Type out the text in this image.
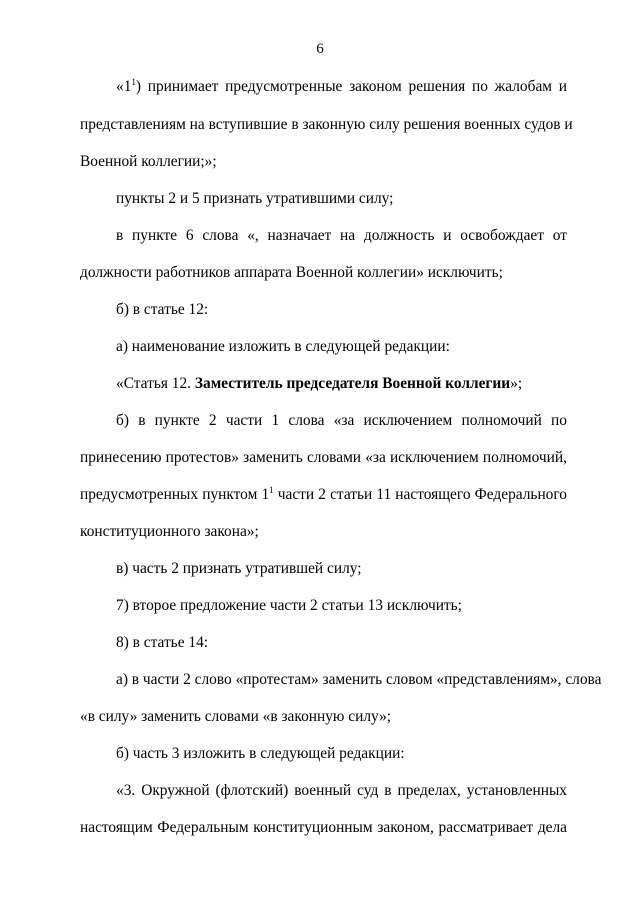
6
«$1^1$) принимает предусмотренные законом решения по жалобам и
представлениям на вступившие в законную силу решения военных судов и
Военной коллегии;»;
пункты 2 и 5 признать утратившими силу;
в пункте 6 слова «, назначает на должность и освобождает от
должности работников аппарата Военной коллегии» исключить;
б) в статье 12:
а) наименование изложить в следующей редакции:
«Статья 12. Заместитель председателя Военной коллегии»;
б) в пункте 2 части 1 слова «за исключением полномочий по
принесению протестов» заменить словами «за исключением полномочий,
предусмотренных пунктом $1^1$ части 2 статьи 11 настоящего Федерального
конституционного закона»;
в) часть 2 признать утратившей силу;
7) второе предложение части 2 статьи 13 исключить;
8) в статье 14:
а) в части 2 слово «протестам» заменить словом «представлениям», слова
«в силу» заменить словами «в законную силу»;
б) часть 3 изложить в следующей редакции:
«3. Окружной (флотский) военный суд в пределах, установленных
настоящим Федеральным конституционным законом, рассматривает дела
